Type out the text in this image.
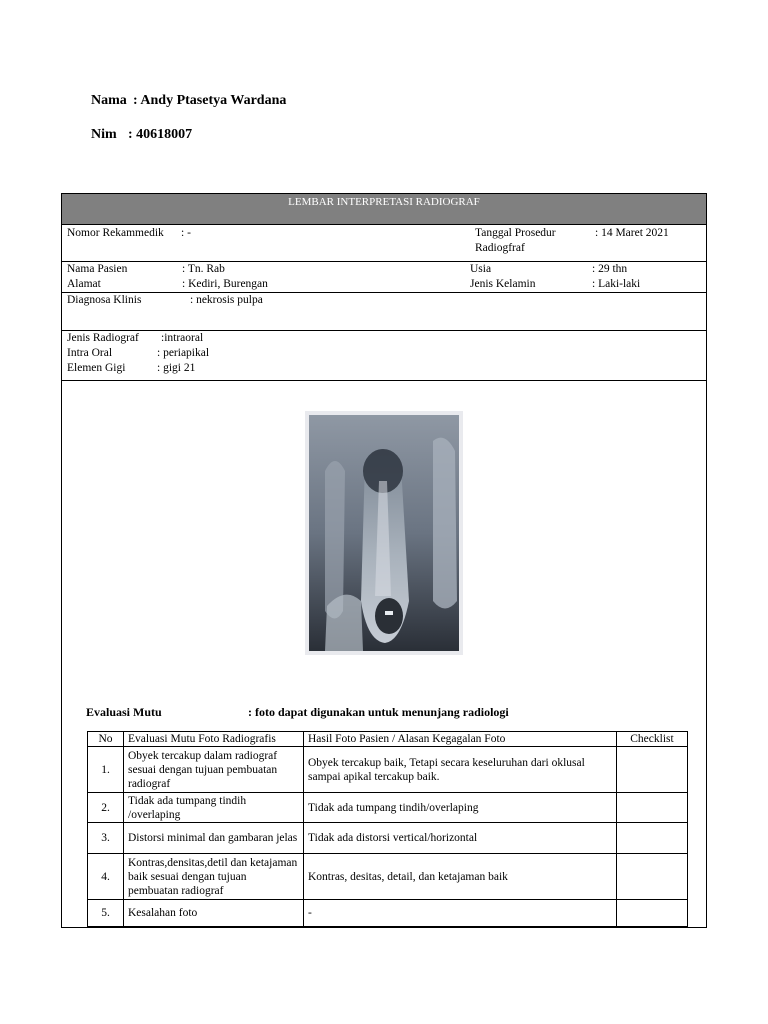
Nama : Andy Ptasetya Wardana
Nim : 40618007
LEMBAR INTERPRETASI RADIOGRAF
Nomor Rekammedik : -	Tanggal Prosedur
Radiogfraf
: 14 Maret 2021
Nama Pasien	: Tn. Rab	Usia	: 29 thn
Alamat	: Kediri, Burengan	Jenis Kelamin	: Laki-laki
Diagnosa Klinis	: nekrosis pulpa
Jenis Radiograf :intraoral
Intra Oral	: periapikal
Elemen Gigi	: gigi 21
Evaluasi Mutu	: foto dapat digunakan untuk menunjang radiologi
No	Evaluasi Mutu Foto Radiografis	Hasil Foto Pasien / Alasan Kegagalan Foto	Checklist
1.	Obyek tercakup dalam radiograf sesuai dengan tujuan pembuatan radiograf	Obyek tercakup baik, Tetapi secara keseluruhan dari oklusal sampai apikal tercakup baik.	
2.	Tidak ada tumpang tindih /overlaping	Tidak ada tumpang tindih/overlaping	
3.	Distorsi minimal dan gambaran jelas	Tidak ada distorsi vertical/horizontal	
4.	Kontras,densitas,detil dan ketajaman baik sesuai dengan tujuan pembuatan radiograf	Kontras, desitas, detail, dan ketajaman baik	
5.	Kesalahan foto	-	
